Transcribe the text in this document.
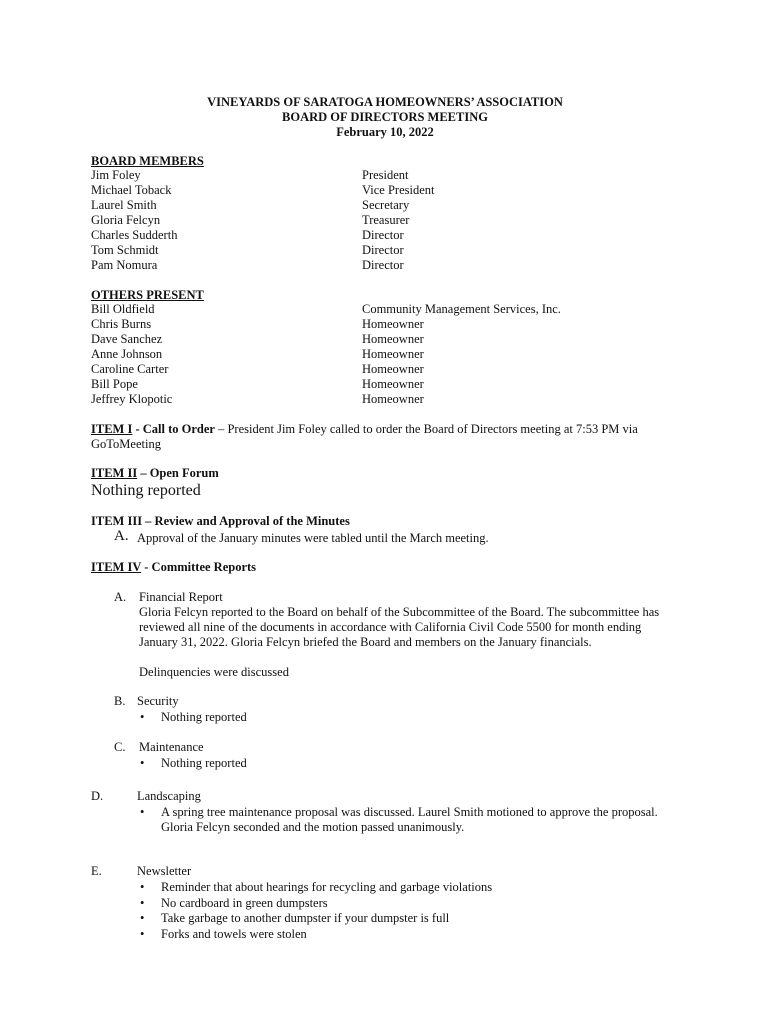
VINEYARDS OF SARATOGA HOMEOWNERS’ ASSOCIATION
BOARD OF DIRECTORS MEETING
February 10, 2022
BOARD MEMBERS
Jim Foley	President
Michael Toback	Vice President
Laurel Smith	Secretary
Gloria Felcyn	Treasurer
Charles Sudderth	Director
Tom Schmidt	Director
Pam Nomura	Director
OTHERS PRESENT
Bill Oldfield	Community Management Services, Inc.
Chris Burns	Homeowner
Dave Sanchez	Homeowner
Anne Johnson	Homeowner
Caroline Carter	Homeowner
Bill Pope	Homeowner
Jeffrey Klopotic	Homeowner
ITEM I - Call to Order – President Jim Foley called to order the Board of Directors meeting at 7:53 PM via
GoToMeeting
ITEM II – Open Forum
Nothing reported
ITEM III – Review and Approval of the Minutes
A. Approval of the January minutes were tabled until the March meeting.
ITEM IV - Committee Reports
A. Financial Report
Gloria Felcyn reported to the Board on behalf of the Subcommittee of the Board. The subcommittee has
reviewed all nine of the documents in accordance with California Civil Code 5500 for month ending
January 31, 2022. Gloria Felcyn briefed the Board and members on the January financials.
Delinquencies were discussed
B. Security
• Nothing reported
C. Maintenance
• Nothing reported
D.	Landscaping
• A spring tree maintenance proposal was discussed. Laurel Smith motioned to approve the proposal.
Gloria Felcyn seconded and the motion passed unanimously.
E.	Newsletter
• Reminder that about hearings for recycling and garbage violations
• No cardboard in green dumpsters
• Take garbage to another dumpster if your dumpster is full
• Forks and towels were stolen
